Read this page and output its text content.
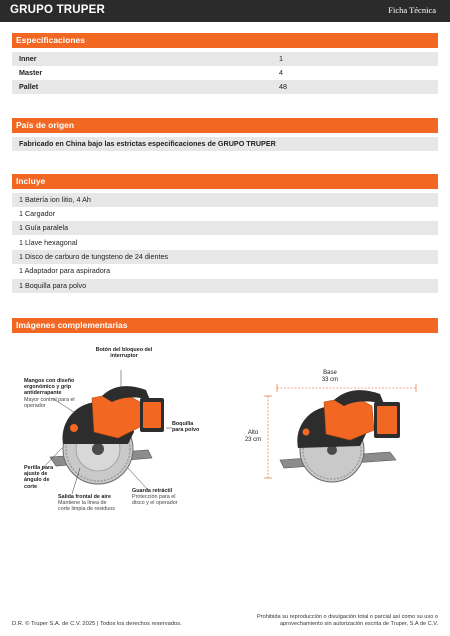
GRUPO TRUPER	Ficha Técnica
Especificaciones
Inner	1
Master	4
Pallet	48
País de origen
Fabricado en China bajo las estrictas especificaciones de GRUPO TRUPER
Incluye
1 Batería ion litio, 4 Ah
1 Cargador
1 Guía paralela
1 Llave hexagonal
1 Disco de carburo de tungsteno de 24 dientes
1 Adaptador para aspiradora
1 Boquilla para polvo
Imágenes complementarias
Botón del bloqueo del interruptor
Mangos con diseño ergonómico y grip antiderrapante
Mayor control para el operador
Boquilla para polvo
Perilla para ajuste de ángulo de corte
Salida frontal de aire
Mantiene la línea de corte limpia de residuos
Guarda retráctil
Protección para el disco y el operador
Base
33 cm
Alto
23 cm
D.R. © Truper S.A. de C.V. 2025 | Todos los derechos reservados.
Prohibida su reproducción o divulgación total o parcial así como su uso o aprovechamiento sin autorización escrita de Truper, S.A de C.V.
